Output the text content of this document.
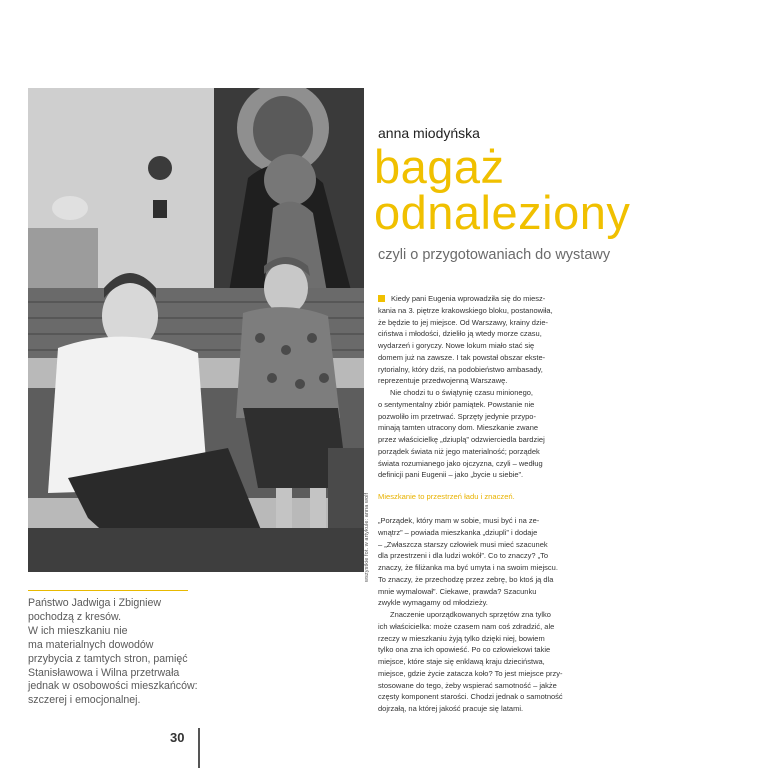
wszystkie fot. w artykule: anna wolf
Państwo Jadwiga i Zbigniew
pochodzą z kresów.
W ich mieszkaniu nie
ma materialnych dowodów
przybycia z tamtych stron, pamięć
Stanisławowa i Wilna przetrwała
jednak w osobowości mieszkańców:
szczerej i emocjonalnej.
30
anna miodyńska
bagaż
odnaleziony
czyli o przygotowaniach do wystawy

Kiedy pani Eugenia wprowadziła się do miesz-
kania na 3. piętrze krakowskiego bloku, postanowiła,
że będzie to jej miejsce. Od Warszawy, krainy dzie-
ciństwa i młodości, dzieliło ją wtedy morze czasu,
wydarzeń i goryczy. Nowe lokum miało stać się
domem już na zawsze. I tak powstał obszar ekste-
rytorialny, który dziś, na podobieństwo ambasady,
reprezentuje przedwojenną Warszawę.

Nie chodzi tu o świątynię czasu minionego,
o sentymentalny zbiór pamiątek. Powstanie nie
pozwoliło im przetrwać. Sprzęty jedynie przypo-
minają tamten utracony dom. Mieszkanie zwane
przez właścicielkę „dziuplą” odzwierciedla bardziej
porządek świata niż jego materialność; porządek
świata rozumianego jako ojczyzna, czyli – według
definicji pani Eugenii – jako „bycie u siebie”.

Mieszkanie to przestrzeń ładu i znaczeń.

„Porządek, który mam w sobie, musi być i na ze-
wnątrz” – powiada mieszkanka „dziupli” i dodaje
– „Zwłaszcza starszy człowiek musi mieć szacunek
dla przestrzeni i dla ludzi wokół”. Co to znaczy? „To
znaczy, że filiżanka ma być umyta i na swoim miejscu.
To znaczy, że przechodzę przez zebrę, bo ktoś ją dla
mnie wymalował”. Ciekawe, prawda? Szacunku
zwykle wymagamy od młodzieży.

Znaczenie uporządkowanych sprzętów zna tylko
ich właścicielka: może czasem nam coś zdradzić, ale
rzeczy w mieszkaniu żyją tylko dzięki niej, bowiem
tylko ona zna ich opowieść. Po co człowiekowi takie
miejsce, które staje się enklawą kraju dzieciństwa,
miejsce, gdzie życie zatacza koło? To jest miejsce przy-
stosowane do tego, żeby wspierać samotność – jakże
częsty komponent starości. Chodzi jednak o samotność
dojrzałą, na której jakość pracuje się latami.
